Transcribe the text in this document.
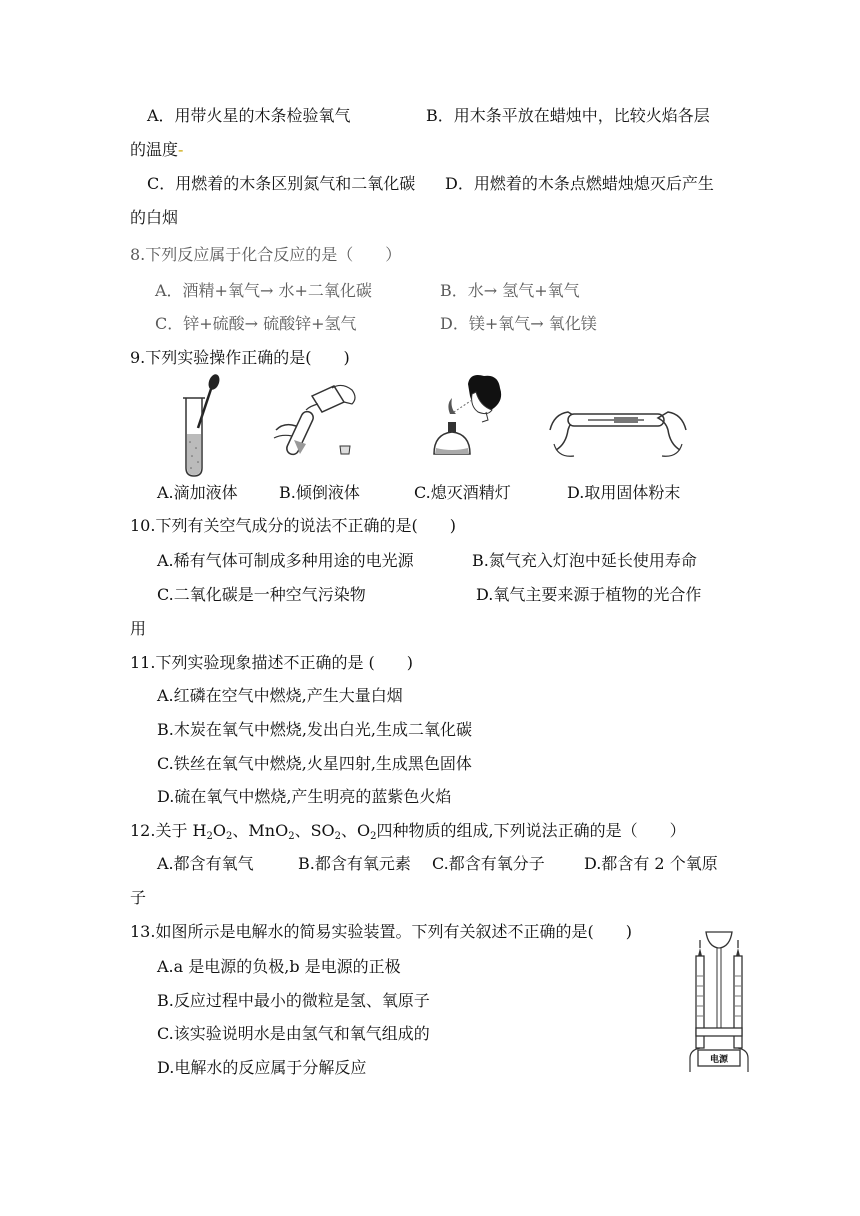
A．用带火星的木条检验氧气	B．用木条平放在蜡烛中，比较火焰各层
的温度-
C．用燃着的木条区别氮气和二氧化碳 D．用燃着的木条点燃蜡烛熄灭后产生
的白烟
8.下列反应属于化合反应的是（　　）
A．酒精+氧气→ 水+二氧化碳	B．水→ 氢气+氧气
C．锌+硫酸→ 硫酸锌+氢气	D．镁+氧气→ 氧化镁
9.下列实验操作正确的是(　　)
A.滴加液体	B.倾倒液体	C.熄灭酒精灯	D.取用固体粉末
10.下列有关空气成分的说法不正确的是(　　)
A.稀有气体可制成多种用途的电光源	B.氮气充入灯泡中延长使用寿命
C.二氧化碳是一种空气污染物	D.氧气主要来源于植物的光合作
用
11.下列实验现象描述不正确的是 (　　)
A.红磷在空气中燃烧,产生大量白烟
B.木炭在氧气中燃烧,发出白光,生成二氧化碳
C.铁丝在氧气中燃烧,火星四射,生成黑色固体
D.硫在氧气中燃烧,产生明亮的蓝紫色火焰
12.关于 $H_2O_2$、MnO$_2$、$SO_2$、$O_2$四种物质的组成,下列说法正确的是（　　）
A.都含有氧气	B.都含有氧元素 C.都含有氧分子 D.都含有 2 个氧原
子
13.如图所示是电解水的简易实验装置。下列有关叙述不正确的是(　　)
A.a 是电源的负极,b 是电源的正极
B.反应过程中最小的微粒是氢、氧原子
C.该实验说明水是由氢气和氧气组成的
D.电解水的反应属于分解反应	电源
